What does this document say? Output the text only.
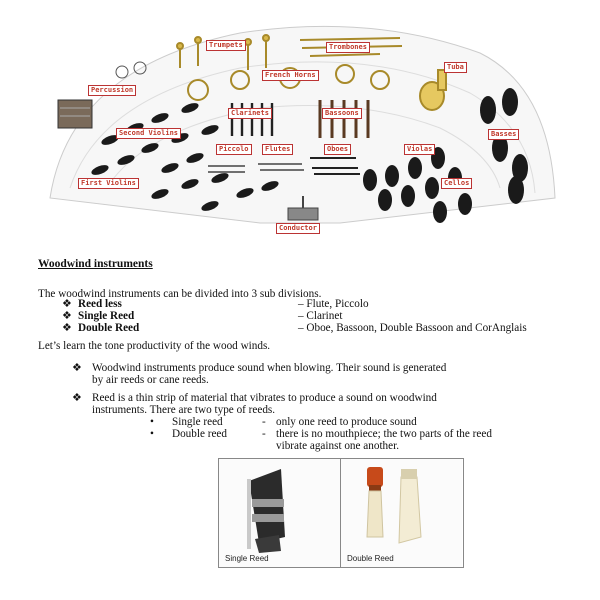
Trumpets	Trombones
Tuba
French Horns
Percussion
Clarinets	Bassoons
Basses
Second Violins
Piccolo	Flutes	Oboes	Violas
Cellos
First Violins
Conductor
Woodwind instruments
The woodwind instruments can be divided into 3 sub divisions.
❖ Reed less	– Flute, Piccolo
❖ Single Reed	– Clarinet
❖ Double Reed	– Oboe, Bassoon, Double Bassoon and CorAnglais
Let’s learn the tone productivity of the wood winds.
❖ Woodwind instruments produce sound when blowing. Their sound is generated
by air reeds or cane reeds.
❖ Reed is a thin strip of material that vibrates to produce a sound on woodwind
instruments. There are two type of reeds.
• Single reed	- only one reed to produce sound
• Double reed	- there is no mouthpiece; the two parts of the reed
vibrate against one another.
Single Reed	Double Reed
